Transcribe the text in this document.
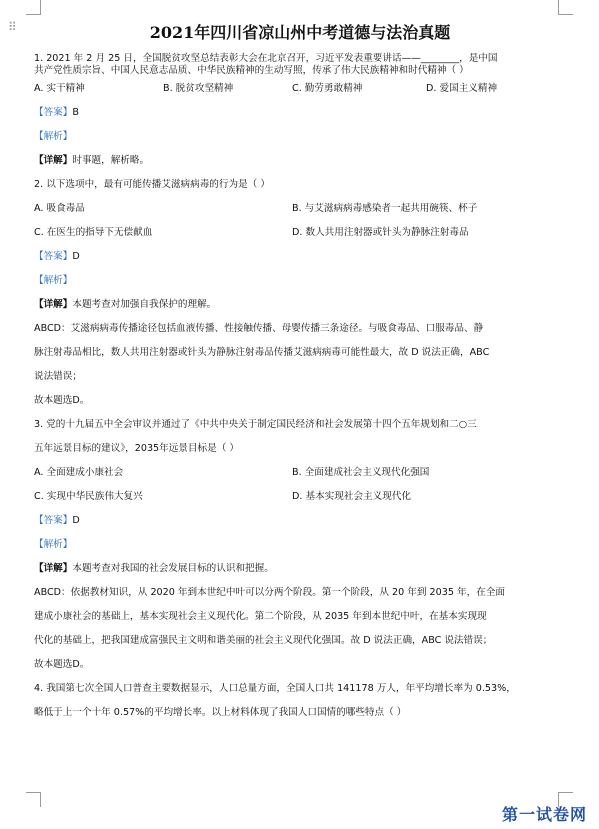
⠿	2021年四川省凉山州中考道德与法治真题
1. 2021 年 2 月 25 日，全国脱贫攻坚总结表彰大会在北京召开，习近平发表重要讲话——________，是中国
共产党性质宗旨、中国人民意志品质、中华民族精神的生动写照，传承了伟大民族精神和时代精神（ ）
A. 实干精神	B. 脱贫攻坚精神	C. 勤劳勇敢精神	D. 爱国主义精神
【答案】B
【解析】
【详解】时事题，解析略。
2. 以下选项中，最有可能传播艾滋病病毒的行为是（ ）
A. 吸食毒品	B. 与艾滋病病毒感染者一起共用碗筷、杯子
C. 在医生的指导下无偿献血	D. 数人共用注射器或针头为静脉注射毒品
【答案】D
【解析】
【详解】本题考查对加强自我保护的理解。
ABCD：艾滋病病毒传播途径包括血液传播、性接触传播、母婴传播三条途径。与吸食毒品、口服毒品、静
脉注射毒品相比，数人共用注射器或针头为静脉注射毒品传播艾滋病病毒可能性最大，故 D 说法正确，ABC
说法错误；
故本题选D。
3. 党的十九届五中全会审议并通过了《中共中央关于制定国民经济和社会发展第十四个五年规划和二○三
五年远景目标的建议》，2035年远景目标是（ ）
A. 全面建成小康社会	B. 全面建成社会主义现代化强国
C. 实现中华民族伟大复兴	D. 基本实现社会主义现代化
【答案】D
【解析】
【详解】本题考查对我国的社会发展目标的认识和把握。
ABCD：依据教材知识，从 2020 年到本世纪中叶可以分两个阶段。第一个阶段，从 20 年到 2035 年，在全面
建成小康社会的基础上，基本实现社会主义现代化。第二个阶段，从 2035 年到本世纪中叶，在基本实现现
代化的基础上，把我国建成富强民主文明和谐美丽的社会主义现代化强国。故 D 说法正确，ABC 说法错误；
故本题选D。
4. 我国第七次全国人口普查主要数据显示，人口总量方面，全国人口共 141178 万人，年平均增长率为 0.53%，
略低于上一个十年 0.57%的平均增长率。以上材料体现了我国人口国情的哪些特点（ ）
第一试卷网
